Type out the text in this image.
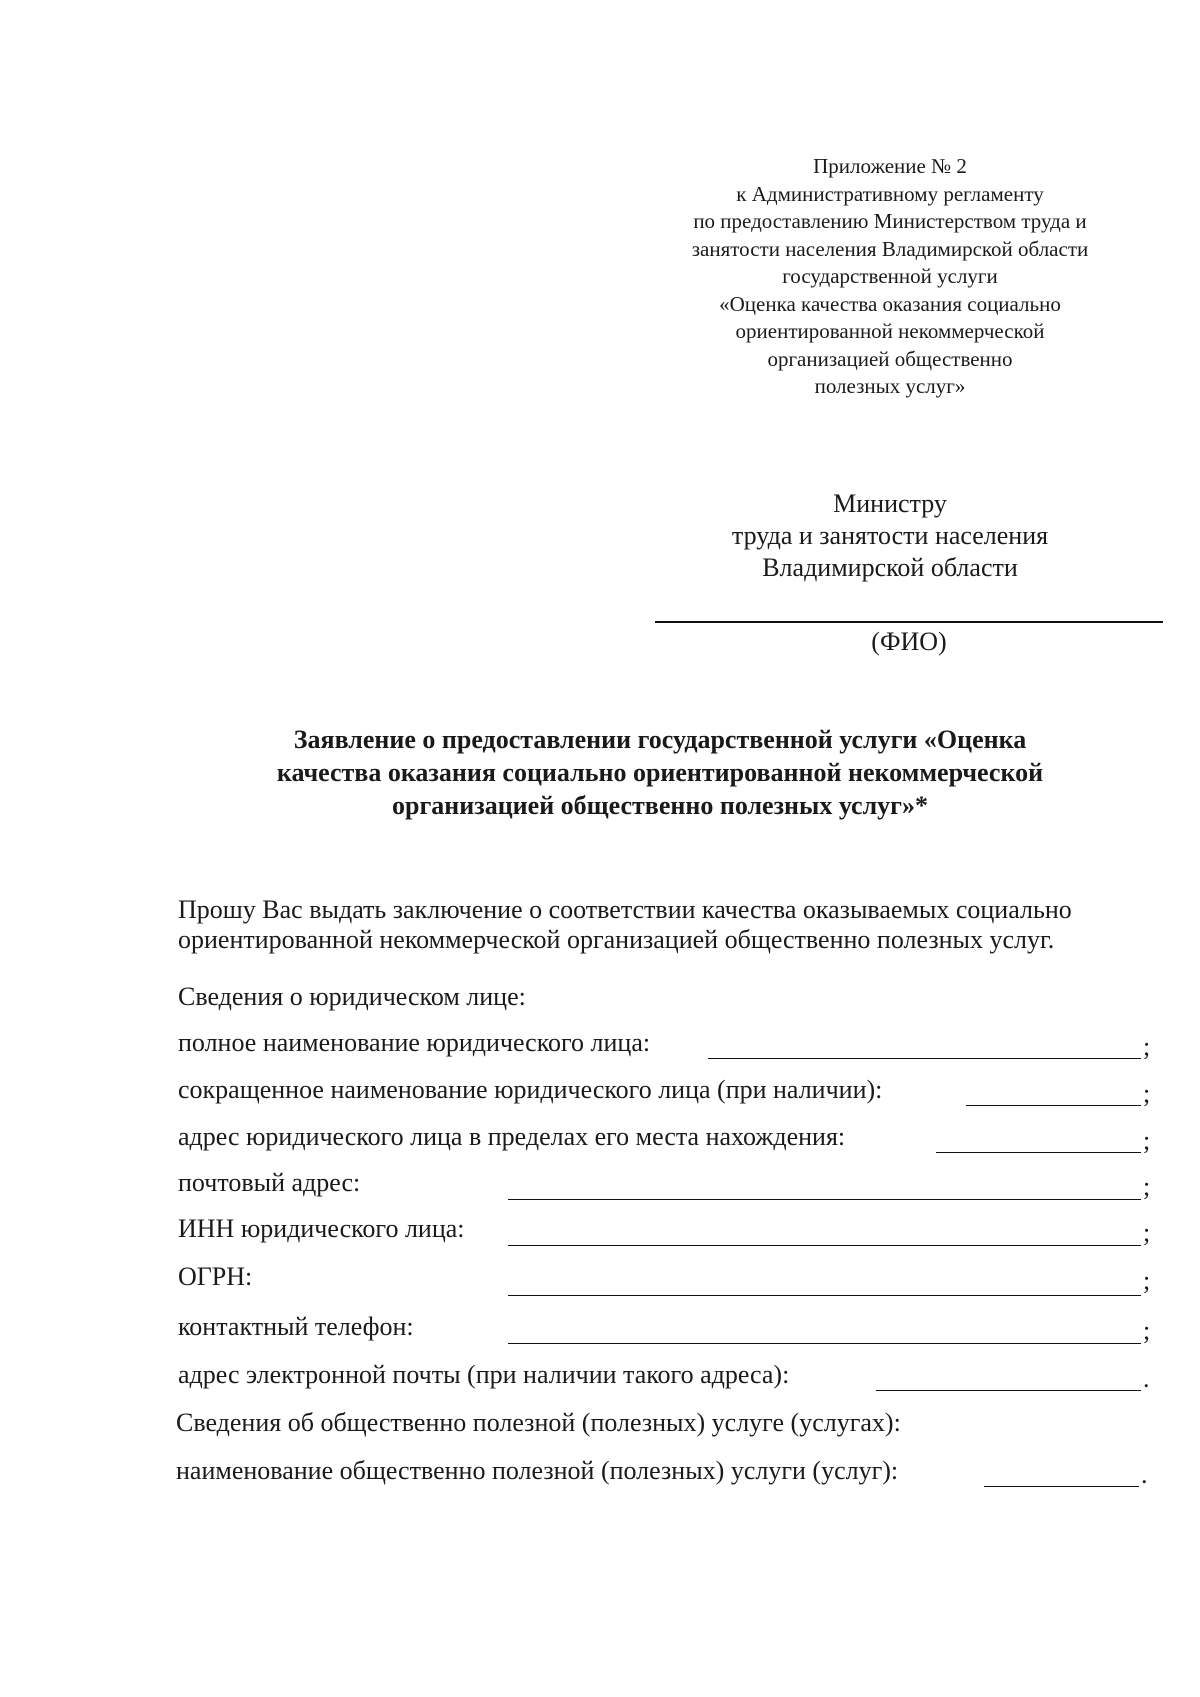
Приложение № 2
к Административному регламенту
по предоставлению Министерством труда и
занятости населения Владимирской области
государственной услуги
«Оценка качества оказания социально
ориентированной некоммерческой
организацией общественно
полезных услуг»
Министру
труда и занятости населения
Владимирской области
(ФИО)
Заявление о предоставлении государственной услуги «Оценка
качества оказания социально ориентированной некоммерческой
организацией общественно полезных услуг»*
Прошу Вас выдать заключение о соответствии качества оказываемых социально
ориентированной некоммерческой организацией общественно полезных услуг.
Сведения о юридическом лице:
полное наименование юридического лица:	;
сокращенное наименование юридического лица (при наличии):	;
адрес юридического лица в пределах его места нахождения:	;
почтовый адрес:	;
ИНН юридического лица:	;
ОГРН:	;
контактный телефон:	;
адрес электронной почты (при наличии такого адреса):	.
Сведения об общественно полезной (полезных) услуге (услугах):
наименование общественно полезной (полезных) услуги (услуг):	.
